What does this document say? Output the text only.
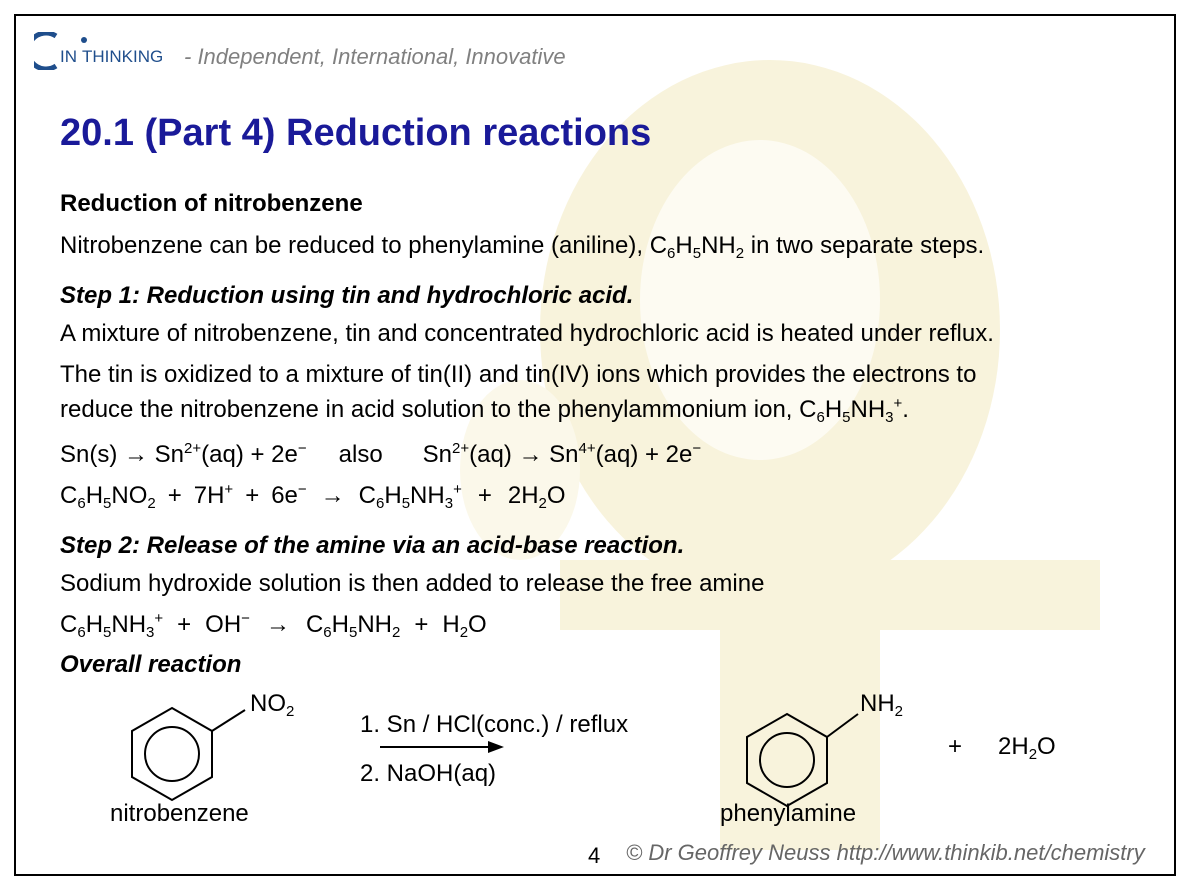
IN THINKING - Independent, International, Innovative
20.1 (Part 4) Reduction reactions
Reduction of nitrobenzene
Nitrobenzene can be reduced to phenylamine (aniline), $C_6H_5NH_2$ in two separate steps.
Step 1: Reduction using tin and hydrochloric acid.
A mixture of nitrobenzene, tin and concentrated hydrochloric acid is heated under reflux.
The tin is oxidized to a mixture of tin(II) and tin(IV) ions which provides the electrons to
reduce the nitrobenzene in acid solution to the phenylammonium ion, $C_6H_5NH_3^+$.
$Sn(s) \to Sn^{2+}(aq) + 2e^-$ also $Sn^{2+}(aq) \to Sn^{4+}(aq) + 2e^-$
$C_6H_5NO_2 + 7H^+ + 6e^- \to C_6H_5NH_3^+ + 2H_2O$
Step 2: Release of the amine via an acid-base reaction.
Sodium hydroxide solution is then added to release the free amine
$C_6H_5NH_3^+ + OH^- \to C_6H_5NH_2 + H_2O$
Overall reaction
$NO_2$
nitrobenzene
1. Sn / HCl(conc.) / reflux
2. NaOH(aq)
$NH_2$
phenylamine
+ $2H_2O$
4 © Dr Geoffrey Neuss http://www.thinkib.net/chemistry
